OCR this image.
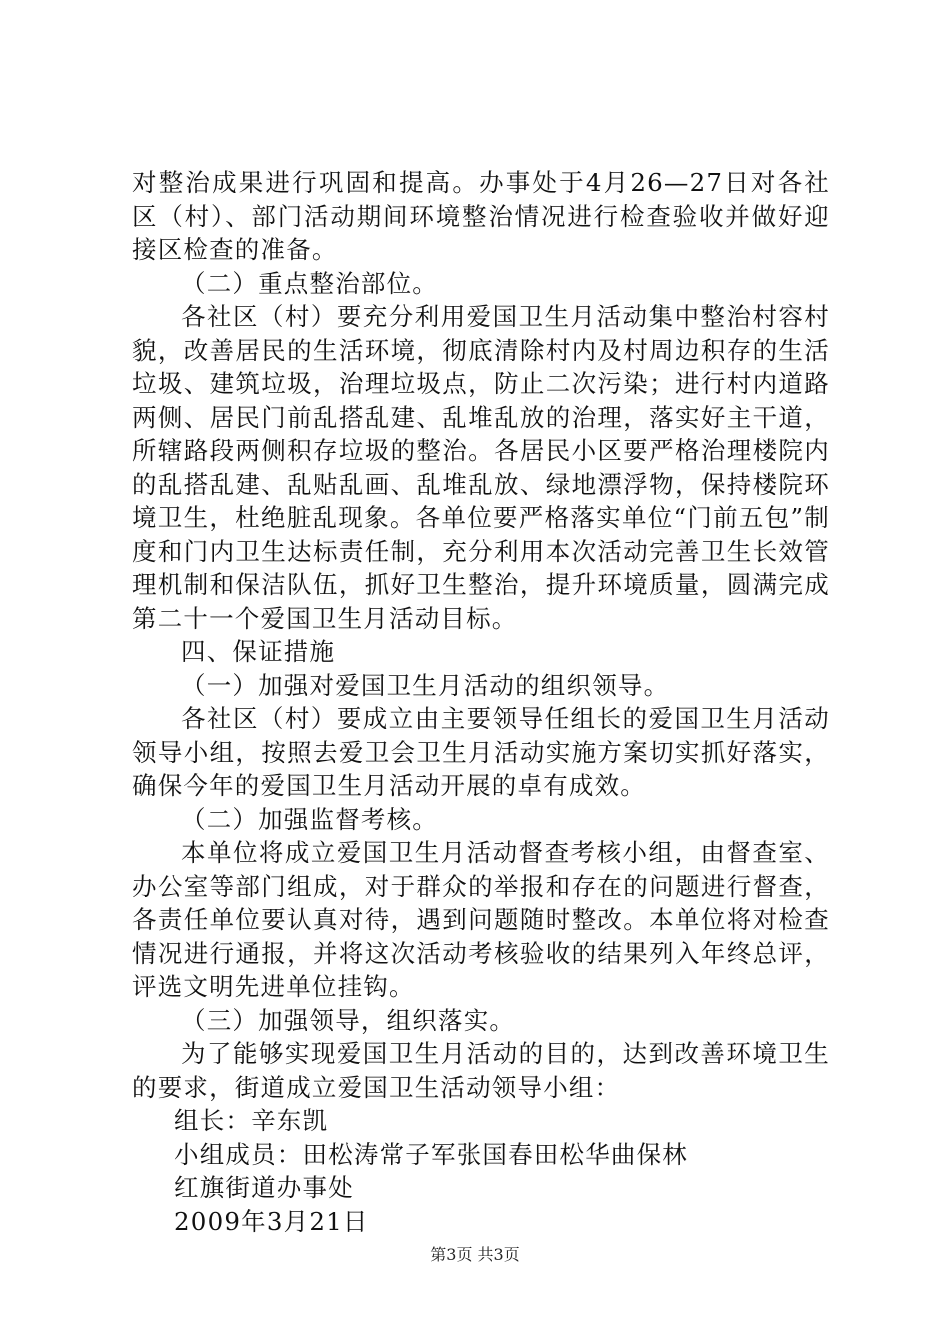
对整治成果进行巩固和提高。办事处于4月26—27日对各社区（村）、部门活动期间环境整治情况进行检查验收并做好迎接区检查的准备。

（二）重点整治部位。

各社区（村）要充分利用爱国卫生月活动集中整治村容村貌，改善居民的生活环境，彻底清除村内及村周边积存的生活垃圾、建筑垃圾，治理垃圾点，防止二次污染；进行村内道路两侧、居民门前乱搭乱建、乱堆乱放的治理，落实好主干道，所辖路段两侧积存垃圾的整治。各居民小区要严格治理楼院内的乱搭乱建、乱贴乱画、乱堆乱放、绿地漂浮物，保持楼院环境卫生，杜绝脏乱现象。各单位要严格落实单位“门前五包”制度和门内卫生达标责任制，充分利用本次活动完善卫生长效管理机制和保洁队伍，抓好卫生整治，提升环境质量，圆满完成第二十一个爱国卫生月活动目标。

四、保证措施

（一）加强对爱国卫生月活动的组织领导。

各社区（村）要成立由主要领导任组长的爱国卫生月活动领导小组，按照去爱卫会卫生月活动实施方案切实抓好落实，确保今年的爱国卫生月活动开展的卓有成效。

（二）加强监督考核。

本单位将成立爱国卫生月活动督查考核小组，由督查室、办公室等部门组成，对于群众的举报和存在的问题进行督查，各责任单位要认真对待，遇到问题随时整改。本单位将对检查情况进行通报，并将这次活动考核验收的结果列入年终总评，评选文明先进单位挂钩。

（三）加强领导，组织落实。

为了能够实现爱国卫生月活动的目的，达到改善环境卫生的要求，街道成立爱国卫生活动领导小组：

组长：辛东凯

小组成员：田松涛常子军张国春田松华曲保林

红旗街道办事处

2009年3月21日

第3页 共3页
